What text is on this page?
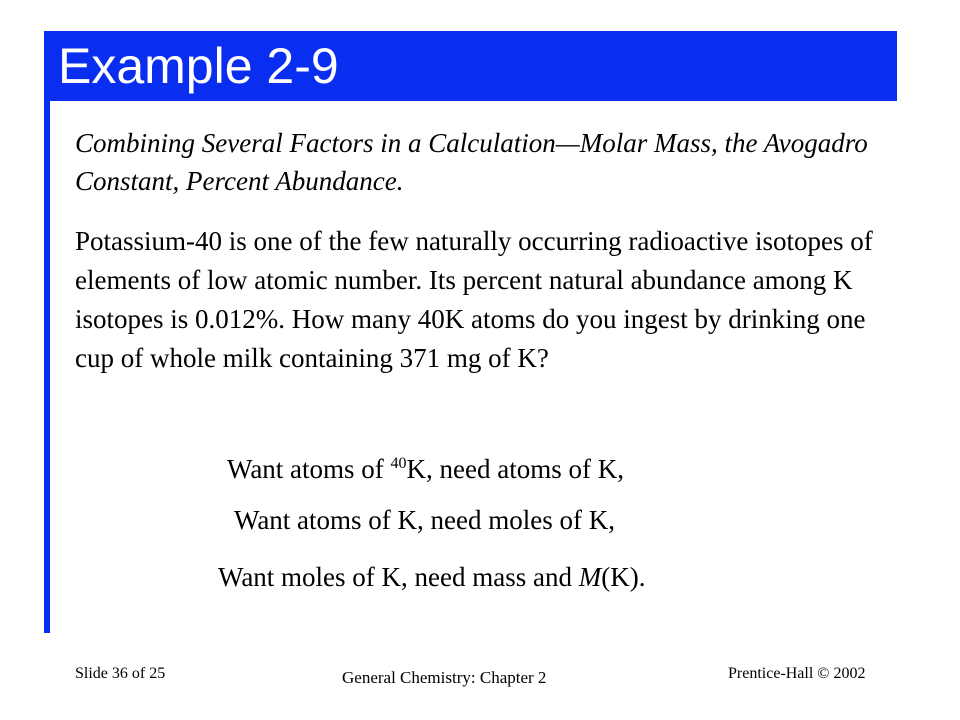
Example 2-9
Combining Several Factors in a Calculation—Molar Mass, the Avogadro Constant, Percent Abundance.
Potassium-40 is one of the few naturally occurring radioactive isotopes of elements of low atomic number. Its percent natural abundance among K isotopes is 0.012%. How many 40K atoms do you ingest by drinking one cup of whole milk containing 371 mg of K?
Want atoms of $^{40}$K, need atoms of K,
Want atoms of K, need moles of K,
Want moles of K, need mass and M(K).
Slide 36 of 25	General Chemistry: Chapter 2	Prentice-Hall © 2002
